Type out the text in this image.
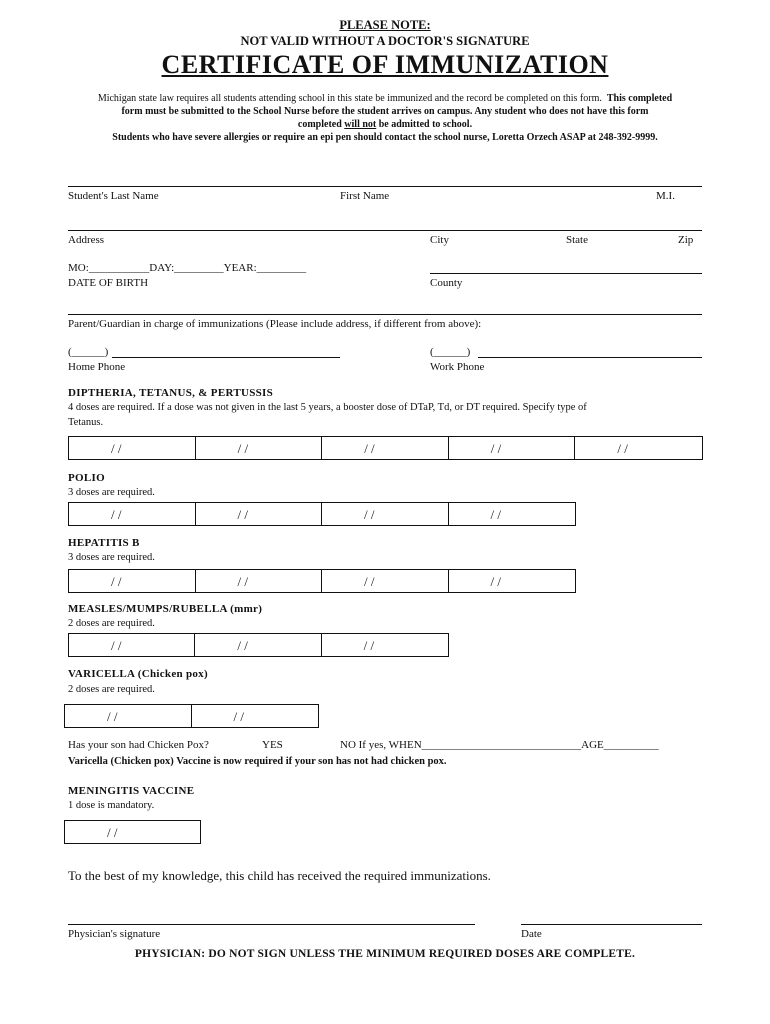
PLEASE NOTE:
NOT VALID WITHOUT A DOCTOR'S SIGNATURE
CERTIFICATE OF IMMUNIZATION
Michigan state law requires all students attending school in this state be immunized and the record be completed on this form. This completed
form must be submitted to the School Nurse before the student arrives on campus. Any student who does not have this form
completed will not be admitted to school.
Students who have severe allergies or require an epi pen should contact the school nurse, Loretta Orzech ASAP at 248-392-9999.
Student's Last Name	First Name	M.I.
Address	City	State	Zip
MO:___________DAY:_________YEAR:_________
DATE OF BIRTH	County
Parent/Guardian in charge of immunizations (Please include address, if different from above):
(______)
Home Phone
(______)
Work Phone
DIPTHERIA, TETANUS, & PERTUSSIS
4 doses are required. If a dose was not given in the last 5 years, a booster dose of DTaP, Td, or DT required. Specify type of
Tetanus.
/ /	/ /	/ /	/ /	/ /
POLIO
3 doses are required.
/ /	/ /	/ /	/ /
HEPATITIS B
3 doses are required.
/ /	/ /	/ /	/ /
MEASLES/MUMPS/RUBELLA (mmr)
2 doses are required.
/ /	/ /	/ /
VARICELLA (Chicken pox)
2 doses are required.
/ /	/ /
Has your son had Chicken Pox?	YES	NO If yes, WHEN_____________________________AGE__________
Varicella (Chicken pox) Vaccine is now required if your son has not had chicken pox.
MENINGITIS VACCINE
1 dose is mandatory.
/ /
To the best of my knowledge, this child has received the required immunizations.
Physician's signature	Date
PHYSICIAN: DO NOT SIGN UNLESS THE MINIMUM REQUIRED DOSES ARE COMPLETE.
